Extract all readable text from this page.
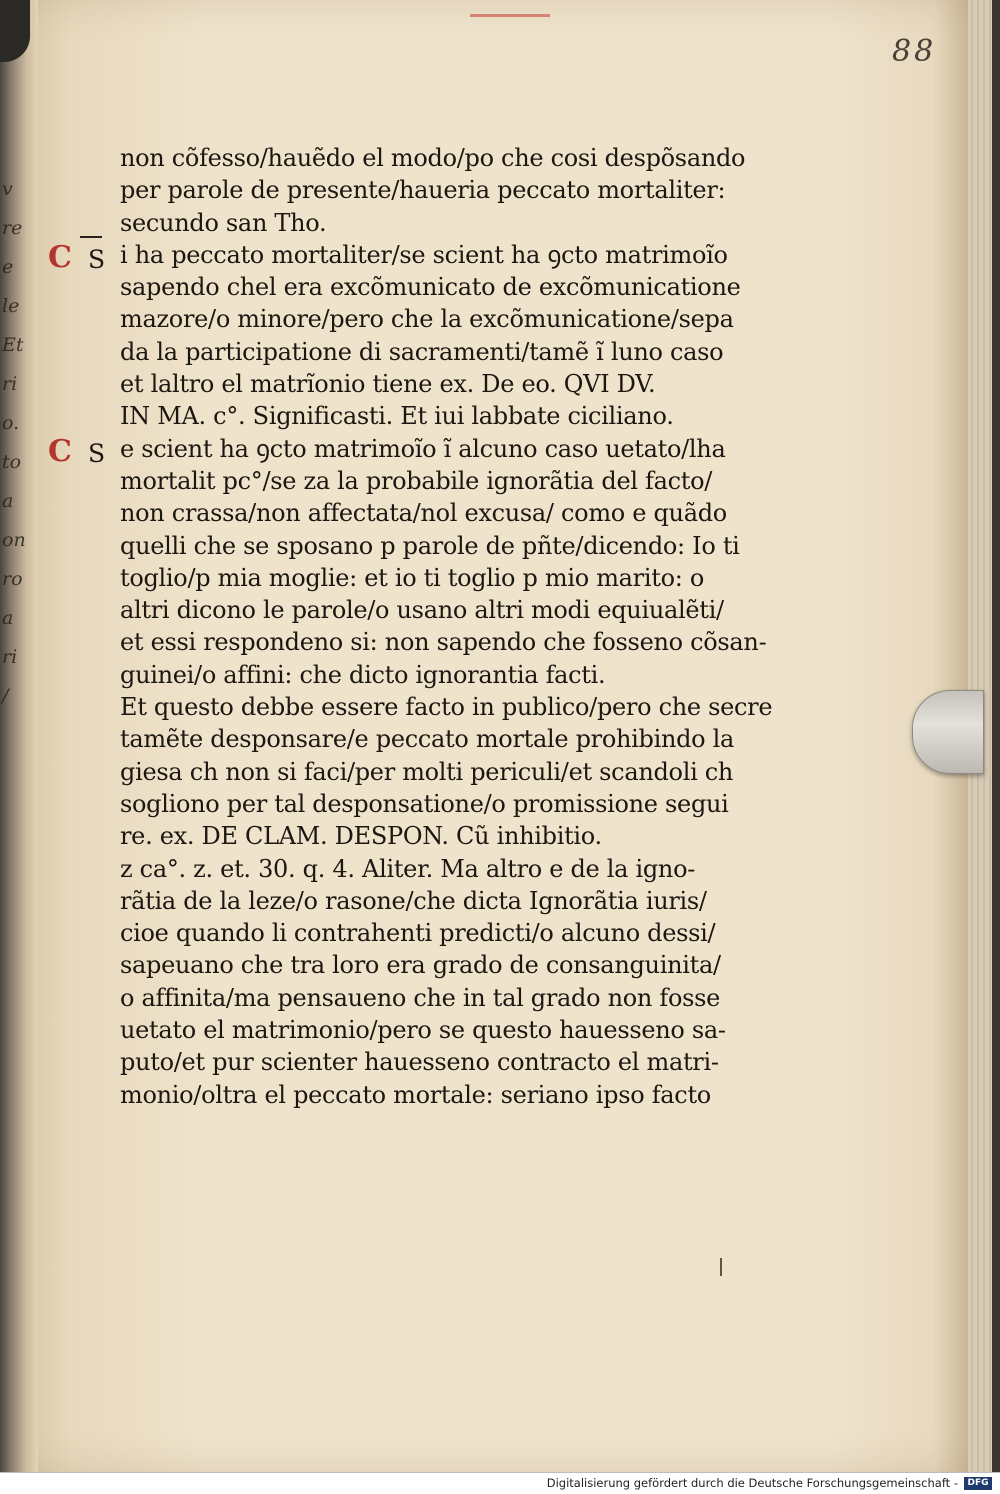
v
re
e
le
Et
ri
o.
to
a
on
ro
a
ri
/
88
C S
C S
non cõfesso/hauẽdo el modo/po che cosi despõsando
per parole de presente/haueria peccato mortaliter:
secundo san Tho.
i ha peccato mortaliter/se scient ha ꝯcto matrimoĩo
sapendo chel era excõmunicato de excõmunicatione
mazore/o minore/pero che la excõmunicatione/sepa
da la participatione di sacramenti/tamẽ ĩ luno caso
et laltro el matrĩonio tiene ex. De eo. QVI DV.
IN MA. c°. Significasti. Et iui labbate ciciliano.
e scient ha ꝯcto matrimoĩo ĩ alcuno caso uetato/lha
mortalit pc°/se za la probabile ignorãtia del facto/
non crassa/non affectata/nol excusa/ como e quãdo
quelli che se sposano p parole de pñte/dicendo: Io ti
toglio/p mia moglie: et io ti toglio p mio marito: o
altri dicono le parole/o usano altri modi equiualẽti/
et essi respondeno si: non sapendo che fosseno cõsan-
guinei/o affini: che dicto ignorantia facti.
Et questo debbe essere facto in publico/pero che secre
tamẽte desponsare/e peccato mortale prohibindo la
giesa ch non si faci/per molti periculi/et scandoli ch
sogliono per tal desponsatione/o promissione segui
re. ex. DE CLAM. DESPON. Cũ inhibitio.
z ca°. z. et. 30. q. 4. Aliter. Ma altro e de la igno-
rãtia de la leze/o rasone/che dicta Ignorãtia iuris/
cioe quando li contrahenti predicti/o alcuno dessi/
sapeuano che tra loro era grado de consanguinita/
o affinita/ma pensaueno che in tal grado non fosse
uetato el matrimonio/pero se questo hauesseno sa-
puto/et pur scienter hauesseno contracto el matri-
monio/oltra el peccato mortale: seriano ipso facto
Digitalisierung gefördert durch die Deutsche Forschungsgemeinschaft -	DFG
